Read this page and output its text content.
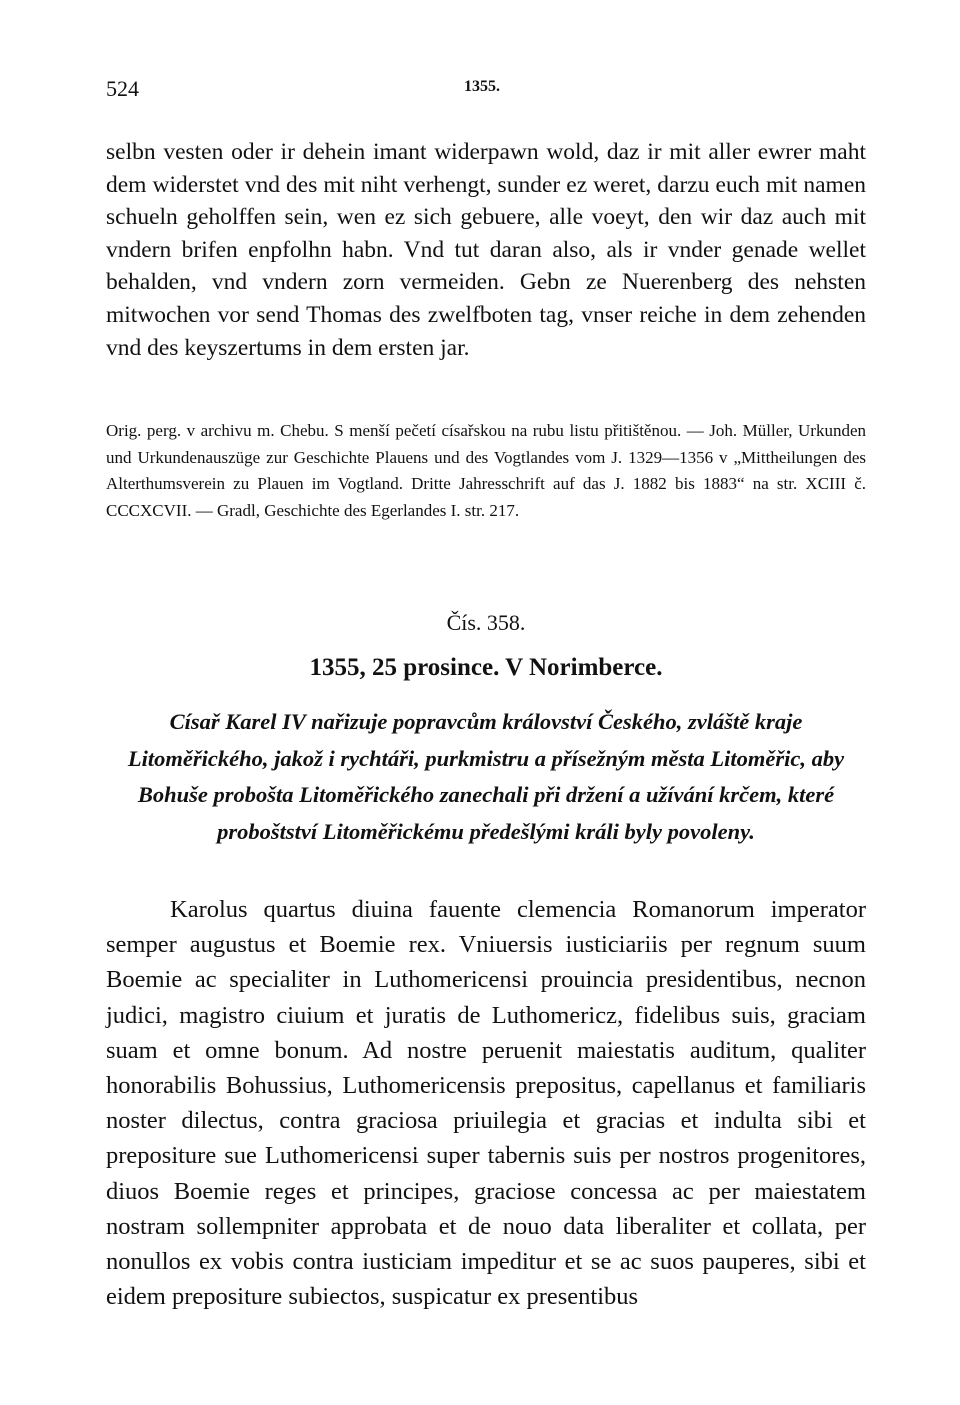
524	1355.

selbn vesten oder ir dehein imant widerpawn wold, daz ir mit aller ewrer maht dem widerstet vnd des mit niht verhengt, sunder ez weret, darzu euch mit namen schueln geholffen sein, wen ez sich gebuere, alle voeyt, den wir daz auch mit vndern brifen enpfolhn habn. Vnd tut daran also, als ir vnder genade wellet behalden, vnd vndern zorn vermeiden. Gebn ze Nuerenberg des nehsten mitwochen vor send Thomas des zwelfboten tag, vnser reiche in dem zehenden vnd des keyszertums in dem ersten jar.

Orig. perg. v archivu m. Chebu. S menší pečetí císařskou na rubu listu přitištěnou. — Joh. Müller, Urkunden und Urkundenauszüge zur Geschichte Plauens und des Vogtlandes vom J. 1329—1356 v „Mittheilungen des Alterthumsverein zu Plauen im Vogtland. Dritte Jahresschrift auf das J. 1882 bis 1883“ na str. XCIII č. CCCXCVII. — Gradl, Geschichte des Egerlandes I. str. 217.

Čís. 358.
1355, 25 prosince. V Norimberce.

Císař Karel IV nařizuje popravcům království Českého, zvláště kraje Litoměřického, jakož i rychtáři, purkmistru a přísežným města Litoměřic, aby Bohuše probošta Litoměřického zanechali při držení a užívání krčem, které proboštství Litoměřickému předešlými králi byly povoleny.

Karolus quartus diuina fauente clemencia Romanorum imperator semper augustus et Boemie rex. Vniuersis iusticiariis per regnum suum Boemie ac specialiter in Luthomericensi prouincia presidentibus, necnon judici, magistro ciuium et juratis de Luthomericz, fidelibus suis, graciam suam et omne bonum. Ad nostre peruenit maiestatis auditum, qualiter honorabilis Bohussius, Luthomericensis prepositus, capellanus et familiaris noster dilectus, contra graciosa priuilegia et gracias et indulta sibi et prepositure sue Luthomericensi super tabernis suis per nostros progenitores, diuos Boemie reges et principes, graciose concessa ac per maiestatem nostram sollempniter approbata et de nouo data liberaliter et collata, per nonullos ex vobis contra iusticiam impeditur et se ac suos pauperes, sibi et eidem prepositure subiectos, suspicatur ex presentibus
